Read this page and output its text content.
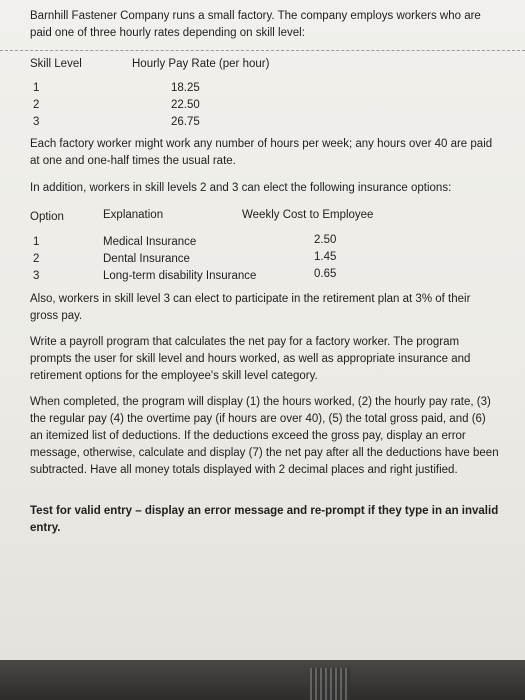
Barnhill Fastener Company runs a small factory. The company employs workers who are paid one of three hourly rates depending on skill level:
Skill Level	Hourly Pay Rate (per hour)
1	18.25
2	22.50
3	26.75
Each factory worker might work any number of hours per week; any hours over 40 are paid at one and one-half times the usual rate.
In addition, workers in skill levels 2 and 3 can elect the following insurance options:
Option	Explanation	Weekly Cost to Employee
1	Medical Insurance	2.50
2	Dental Insurance	1.45
3	Long-term disability Insurance	0.65
Also, workers in skill level 3 can elect to participate in the retirement plan at 3% of their gross pay.
Write a payroll program that calculates the net pay for a factory worker. The program prompts the user for skill level and hours worked, as well as appropriate insurance and retirement options for the employee's skill level category.
When completed, the program will display (1) the hours worked, (2) the hourly pay rate, (3) the regular pay (4) the overtime pay (if hours are over 40), (5) the total gross paid, and (6) an itemized list of deductions. If the deductions exceed the gross pay, display an error message, otherwise, calculate and display (7) the net pay after all the deductions have been subtracted. Have all money totals displayed with 2 decimal places and right justified.
Test for valid entry – display an error message and re-prompt if they type in an invalid entry.
